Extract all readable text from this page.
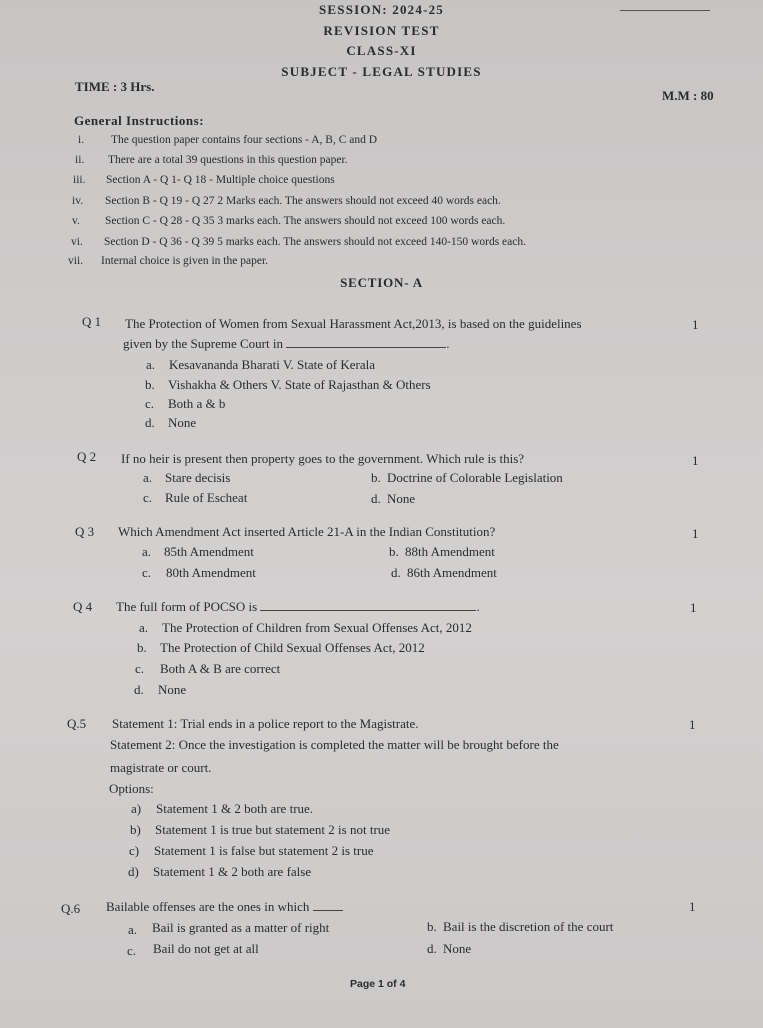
SESSION: 2024-25
REVISION TEST
CLASS-XI
SUBJECT - LEGAL STUDIES
TIME : 3 Hrs.
M.M : 80
General Instructions:
i.	The question paper contains four sections - A, B, C and D
ii.	There are a total 39 questions in this question paper.
iii.	Section A - Q 1- Q 18 - Multiple choice questions
iv.	Section B - Q 19 - Q 27 2 Marks each. The answers should not exceed 40 words each.
v.	Section C - Q 28 - Q 35 3 marks each. The answers should not exceed 100 words each.
vi.	Section D - Q 36 - Q 39 5 marks each. The answers should not exceed 140-150 words each.
vii.	Internal choice is given in the paper.
SECTION- A
Q 1 The Protection of Women from Sexual Harassment Act,2013, is based on the guidelines
given by the Supreme Court in	.
1
a. Kesavananda Bharati V. State of Kerala
b. Vishakha & Others V. State of Rajasthan & Others
c. Both a & b
d. None
Q 2 If no heir is present then property goes to the government. Which rule is this?	1
a. Stare decisis	b. Doctrine of Colorable Legislation
c. Rule of Escheat	d. None
Q 3 Which Amendment Act inserted Article 21-A in the Indian Constitution?	1
a. 85th Amendment	b. 88th Amendment
c. 80th Amendment	d. 86th Amendment
Q 4 The full form of POCSO is	.	1
a. The Protection of Children from Sexual Offenses Act, 2012
b. The Protection of Child Sexual Offenses Act, 2012
c. Both A & B are correct
d. None
Q.5 Statement 1: Trial ends in a police report to the Magistrate.	1
Statement 2: Once the investigation is completed the matter will be brought before the
magistrate or court.
Options:
a) Statement 1 & 2 both are true.
b) Statement 1 is true but statement 2 is not true
c) Statement 1 is false but statement 2 is true
d) Statement 1 & 2 both are false
Q.6 Bailable offenses are the ones in which	1
a. Bail is granted as a matter of right	b. Bail is the discretion of the court
c. Bail do not get at all	d. None
Page 1 of 4
